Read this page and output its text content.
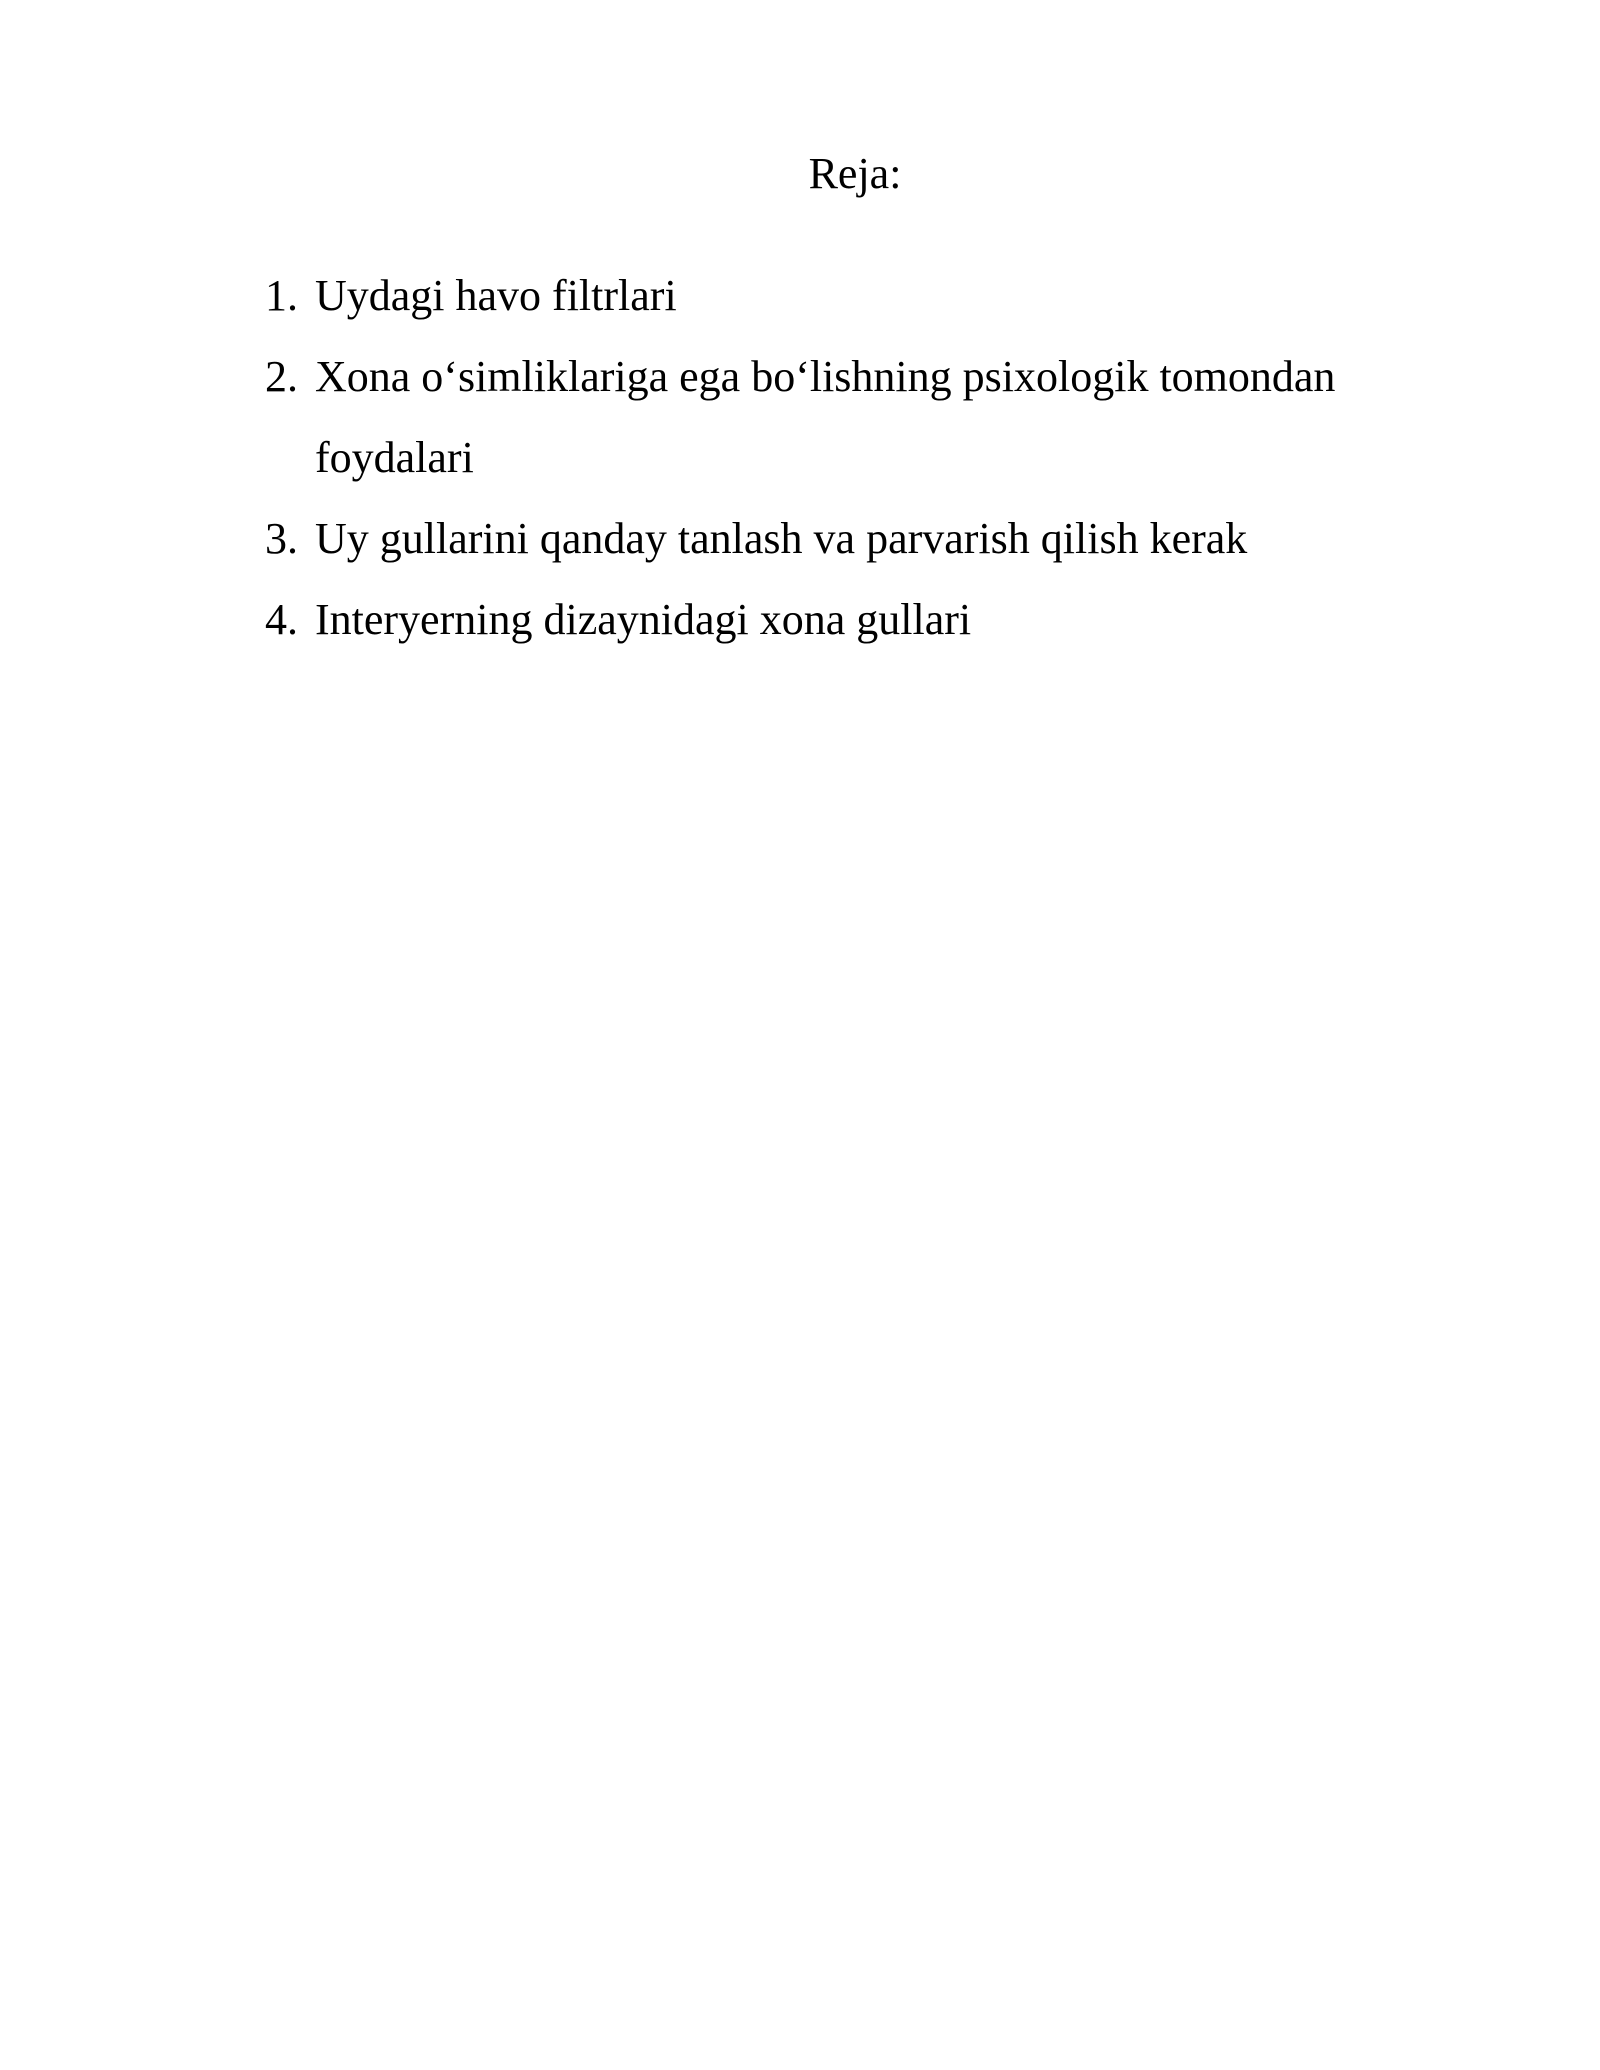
Reja:
1. Uydagi havo filtrlari
2. Xona o‘simliklariga ega bo‘lishning psixologik tomondan foydalari
3. Uy gullarini qanday tanlash va parvarish qilish kerak
4. Interyerning dizaynidagi xona gullari
